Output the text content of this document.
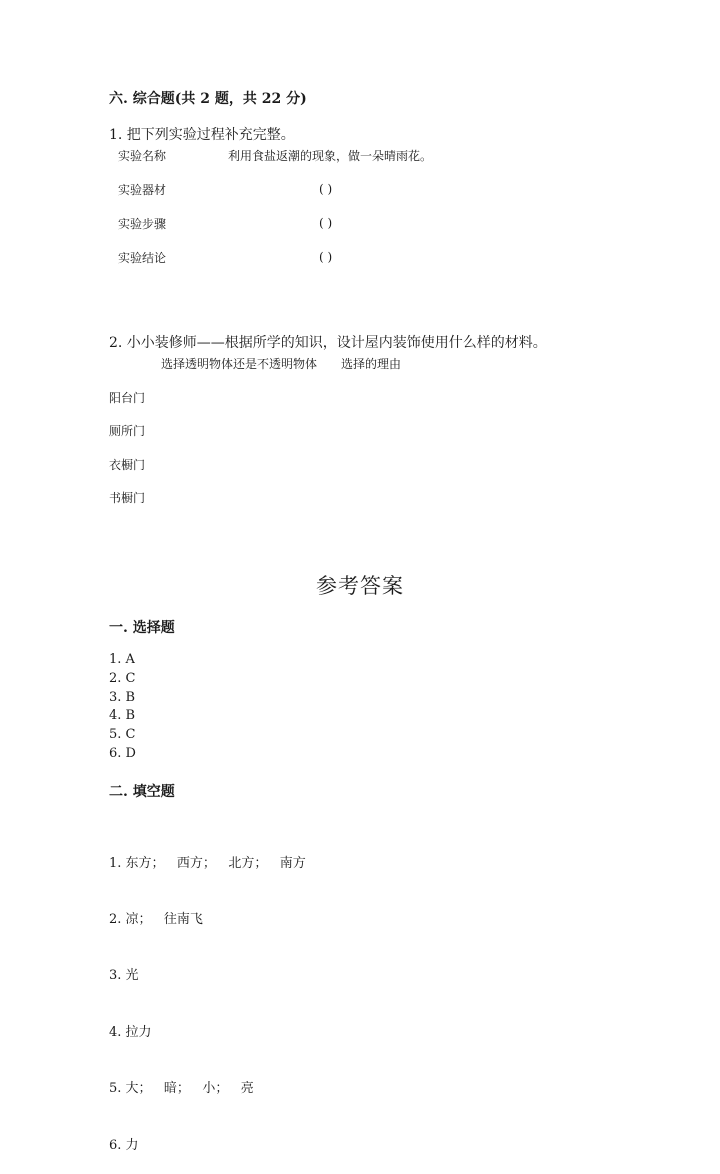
六. 综合题(共 2 题，共 22 分)
1. 把下列实验过程补充完整。
实验名称	利用食盐返潮的现象，做一朵晴雨花。
实验器材	( )
实验步骤	( )
实验结论	( )
2. 小小装修师——根据所学的知识，设计屋内装饰使用什么样的材料。
选择透明物体还是不透明物体 选择的理由
阳台门
厕所门
衣橱门
书橱门
参考答案
一. 选择题
1. A
2. C
3. B
4. B
5. C
6. D
二. 填空题

1. 东方；   西方；   北方；   南方

2. 凉；   往南飞

3. 光

4. 拉力

5. 大；   暗；   小；   亮

6. 力
